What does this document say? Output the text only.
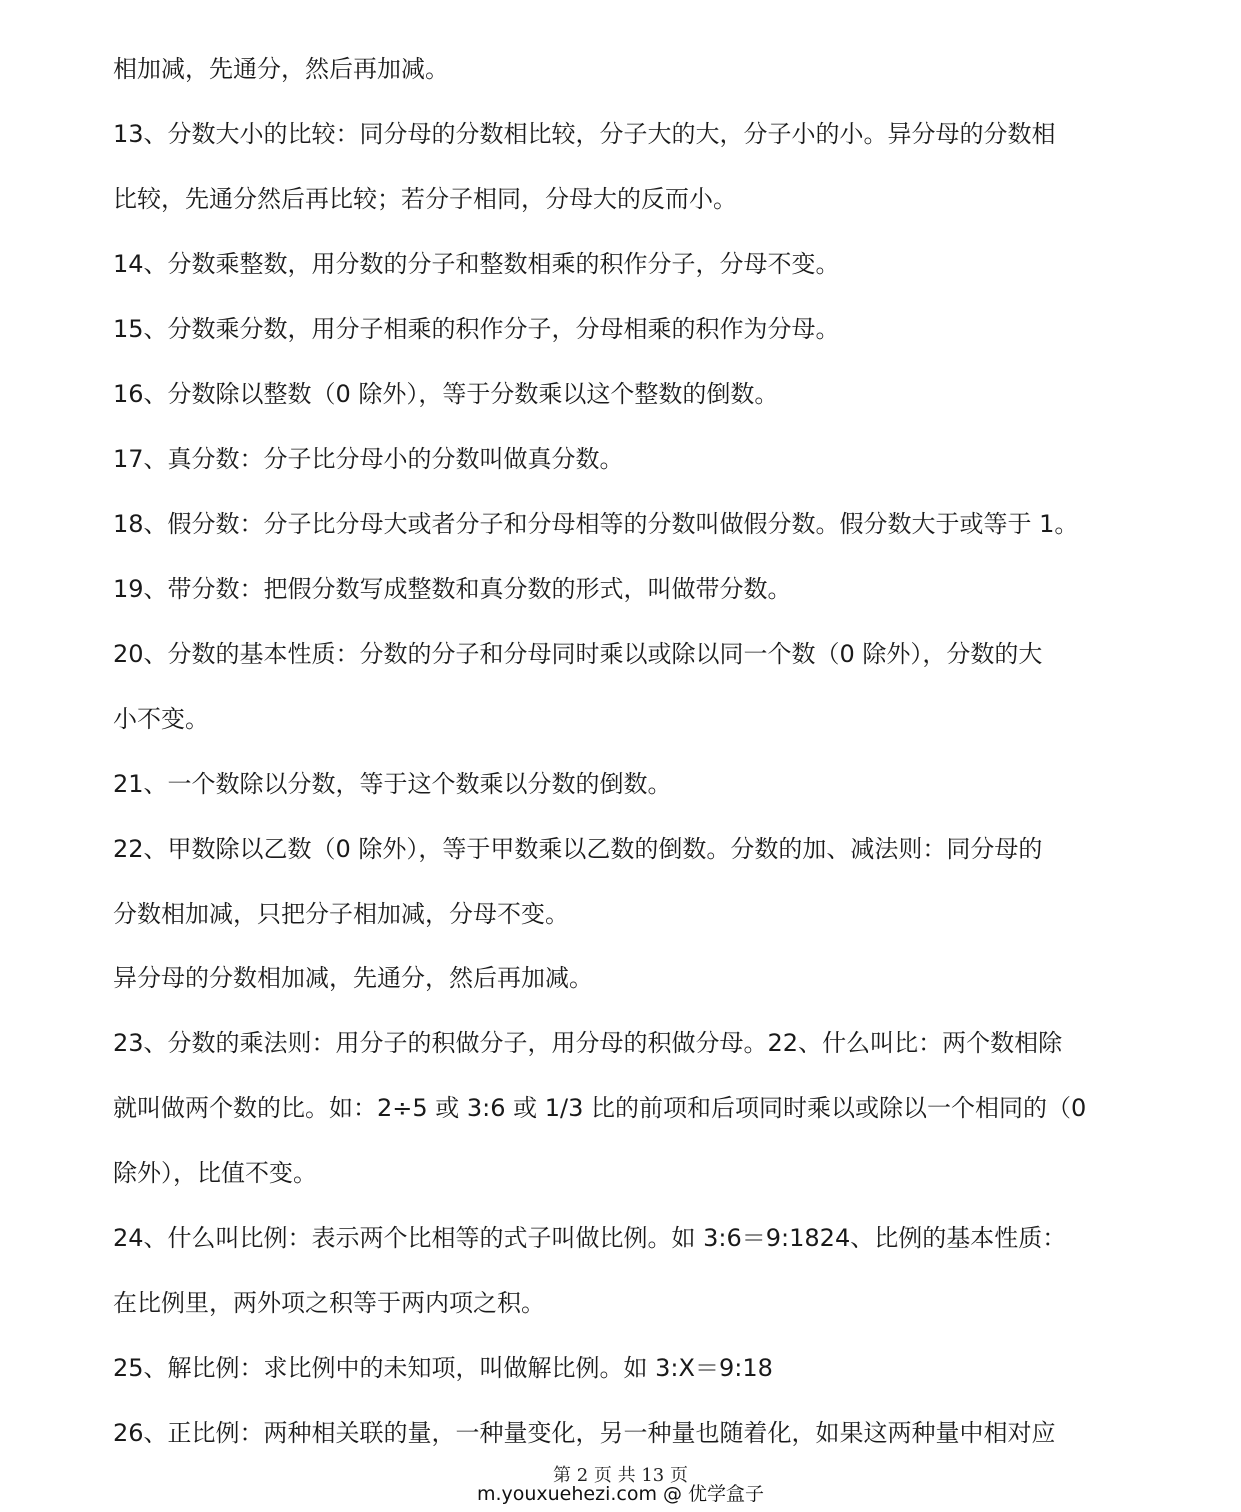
相加减，先通分，然后再加减。
13、分数大小的比较：同分母的分数相比较，分子大的大，分子小的小。异分母的分数相
比较，先通分然后再比较；若分子相同，分母大的反而小。
14、分数乘整数，用分数的分子和整数相乘的积作分子，分母不变。
15、分数乘分数，用分子相乘的积作分子，分母相乘的积作为分母。
16、分数除以整数（0 除外），等于分数乘以这个整数的倒数。
17、真分数：分子比分母小的分数叫做真分数。
18、假分数：分子比分母大或者分子和分母相等的分数叫做假分数。假分数大于或等于 1。
19、带分数：把假分数写成整数和真分数的形式，叫做带分数。
20、分数的基本性质：分数的分子和分母同时乘以或除以同一个数（0 除外），分数的大
小不变。
21、一个数除以分数，等于这个数乘以分数的倒数。
22、甲数除以乙数（0 除外），等于甲数乘以乙数的倒数。分数的加、减法则：同分母的
分数相加减，只把分子相加减，分母不变。
异分母的分数相加减，先通分，然后再加减。
23、分数的乘法则：用分子的积做分子，用分母的积做分母。22、什么叫比：两个数相除
就叫做两个数的比。如：2÷5 或 3:6 或 1/3 比的前项和后项同时乘以或除以一个相同的（0
除外），比值不变。
24、什么叫比例：表示两个比相等的式子叫做比例。如 3:6＝9:1824、比例的基本性质：
在比例里，两外项之积等于两内项之积。
25、解比例：求比例中的未知项，叫做解比例。如 3:X＝9:18
26、正比例：两种相关联的量，一种量变化，另一种量也随着化，如果这两种量中相对应
第 2 页 共 13 页
m.youxuehezi.com @ 优学盒子
